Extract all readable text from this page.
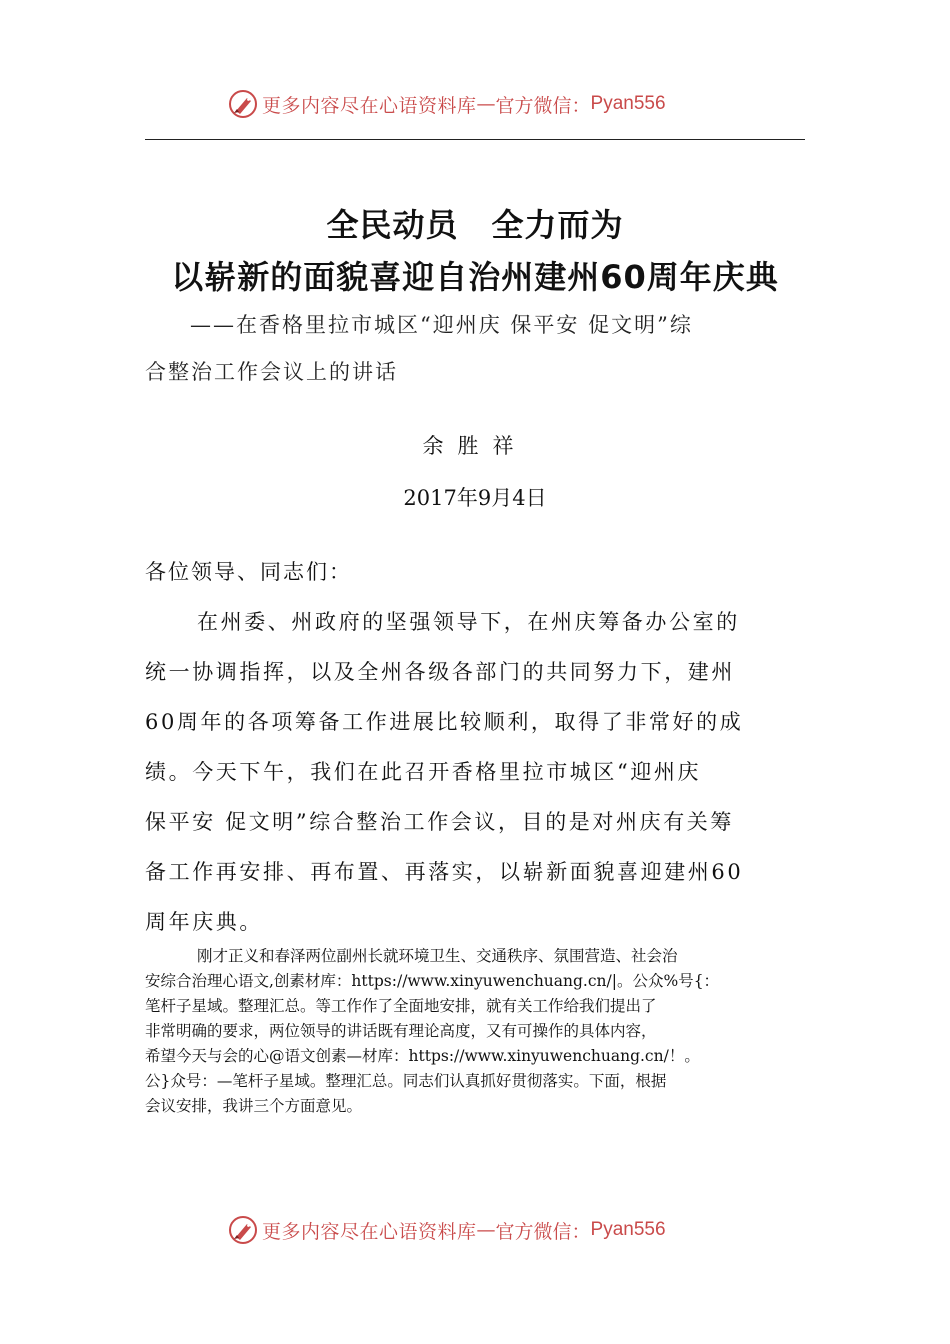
更多内容尽在心语资料库 — 官方微信： Pyan556
全民动员　全力而为
以崭新的面貌喜迎自治州建州60周年庆典
——在香格里拉市城区“迎州庆 保平安 促文明”综
合整治工作会议上的讲话
余胜祥
2017年9月4日
各位领导、同志们：
在州委、州政府的坚强领导下，在州庆筹备办公室的
统一协调指挥，以及全州各级各部门的共同努力下，建州
60周年的各项筹备工作进展比较顺利，取得了非常好的成
绩。今天下午，我们在此召开香格里拉市城区“迎州庆
保平安 促文明”综合整治工作会议，目的是对州庆有关筹
备工作再安排、再布置、再落实，以崭新面貌喜迎建州60
周年庆典。
刚才正义和春泽两位副州长就环境卫生、交通秩序、氛围营造、社会治
安综合治理心语文,创素材库：https://www.xinyuwenchuang.cn/|。公众%号{：
笔杆子星域。整理汇总。等工作作了全面地安排，就有关工作给我们提出了
非常明确的要求，两位领导的讲话既有理论高度，又有可操作的具体内容，
希望今天与会的心@语文创素—材库：https://www.xinyuwenchuang.cn/！。
公}众号：—笔杆子星域。整理汇总。同志们认真抓好贯彻落实。下面，根据
会议安排，我讲三个方面意见。
更多内容尽在心语资料库 — 官方微信： Pyan556
